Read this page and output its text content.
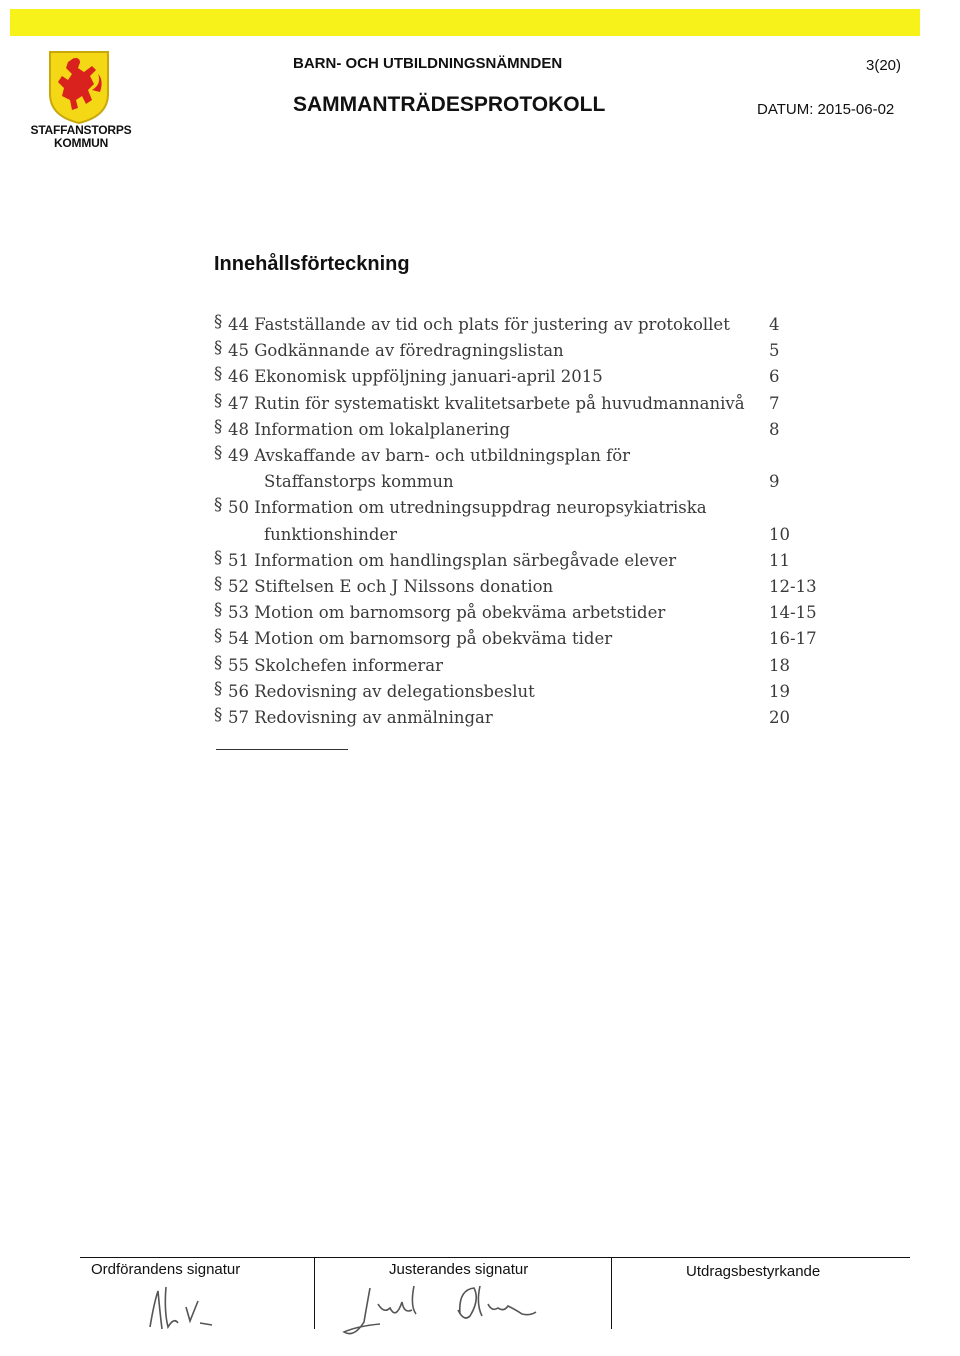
STAFFANSTORPS KOMMUN
BARN- OCH UTBILDNINGSNÄMNDEN	3(20)
SAMMANTRÄDESPROTOKOLL	DATUM: 2015-06-02
Innehållsförteckning
§ 44 Fastställande av tid och plats för justering av protokollet	4
§ 45 Godkännande av föredragningslistan	5
§ 46 Ekonomisk uppföljning januari-april 2015	6
§ 47 Rutin för systematiskt kvalitetsarbete på huvudmannanivå	7
§ 48 Information om lokalplanering	8
§ 49 Avskaffande av barn- och utbildningsplan för
Staffanstorps kommun	9
§ 50 Information om utredningsuppdrag neuropsykiatriska
funktionshinder	10
§ 51 Information om handlingsplan särbegåvade elever	11
§ 52 Stiftelsen E och J Nilssons donation	12-13
§ 53 Motion om barnomsorg på obekväma arbetstider	14-15
§ 54 Motion om barnomsorg på obekväma tider	16-17
§ 55 Skolchefen informerar	18
§ 56 Redovisning av delegationsbeslut	19
§ 57 Redovisning av anmälningar	20
Ordförandens signatur	Justerandes signatur	Utdragsbestyrkande
